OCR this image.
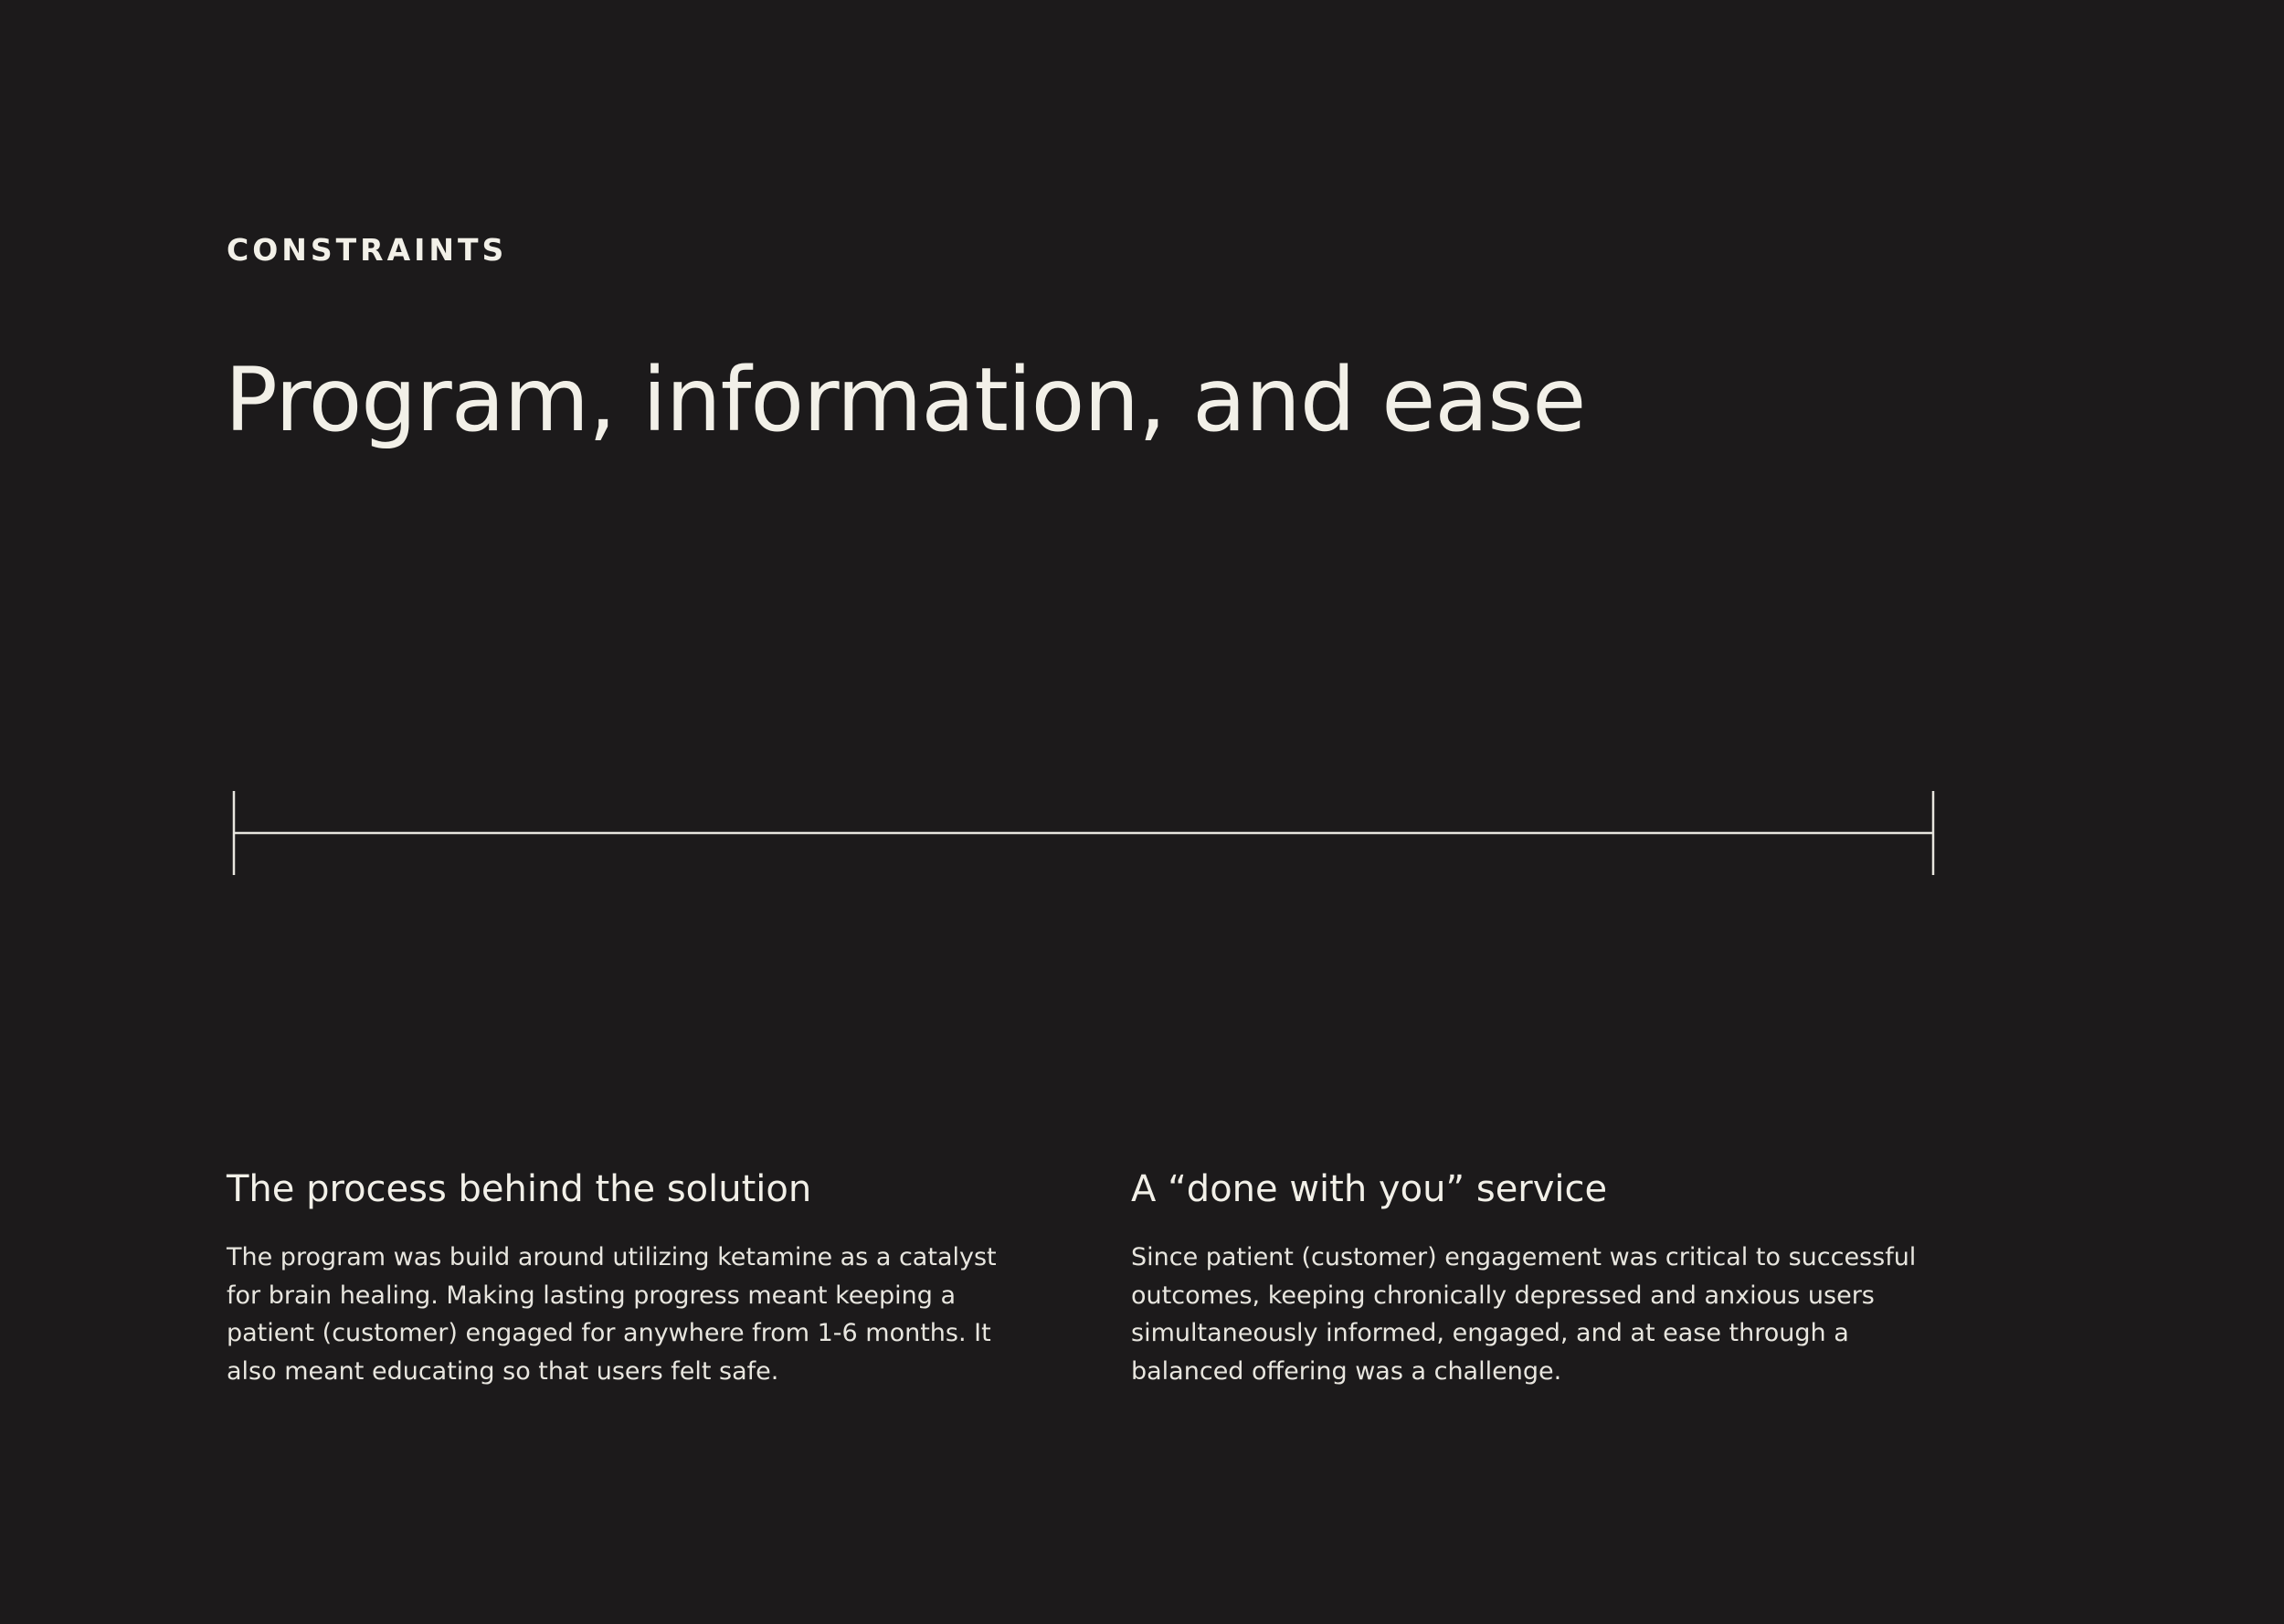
CONSTRAINTS
Program, information, and ease
The process behind the solution

The program was build around utilizing ketamine as a catalyst for brain healing. Making lasting progress meant keeping a patient (customer) engaged for anywhere from 1-6 months. It also meant educating so that users felt safe.

A “done with you” service

Since patient (customer) engagement was critical to successful outcomes, keeping chronically depressed and anxious users simultaneously informed, engaged, and at ease through a balanced offering was a challenge.
